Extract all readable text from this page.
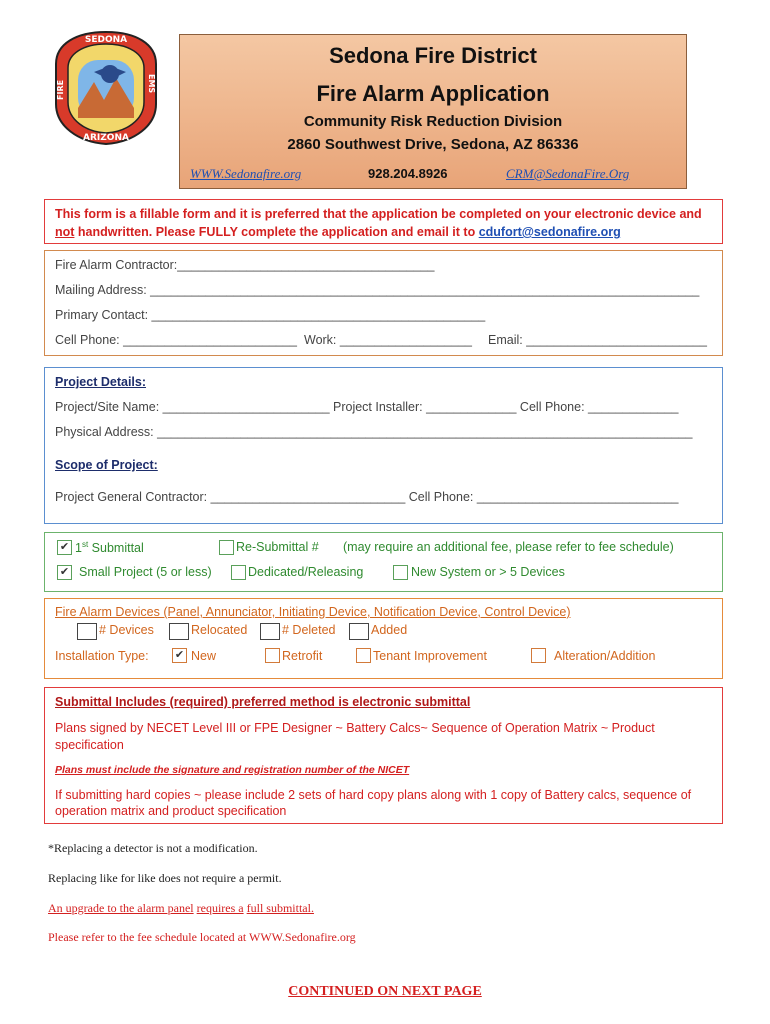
SEDONA
ARIZONA
FIRE	EMS
Sedona Fire District
Fire Alarm Application
Community Risk Reduction Division
2860 Southwest Drive, Sedona, AZ 86336
WWW.Sedonafire.org	928.204.8926	CRM@SedonaFire.Org
This form is a fillable form and it is preferred that the application be completed on your electronic device and not handwritten. Please FULLY complete the application and email it to cdufort@sedonafire.org
Fire Alarm Contractor:_____________________________________
Mailing Address: _______________________________________________________________________________
Primary Contact: ________________________________________________
Cell Phone: _________________________ Work: ___________________ Email: __________________________
Project Details:
Project/Site Name: ________________________ Project Installer: _____________ Cell Phone: _____________
Physical Address: _____________________________________________________________________________
Scope of Project:
Project General Contractor: ____________________________ Cell Phone: _____________________________
✔ 1st Submittal	Re-Submittal # (may require an additional fee, please refer to fee schedule)
✔ Small Project (5 or less)	Dedicated/Releasing	New System or > 5 Devices
Fire Alarm Devices (Panel, Annunciator, Initiating Device, Notification Device, Control Device)
# Devices	Relocated	# Deleted	Added
Installation Type: ✔ New	Retrofit	Tenant Improvement	Alteration/Addition
Submittal Includes (required) preferred method is electronic submittal
Plans signed by NECET Level III or FPE Designer ~ Battery Calcs~ Sequence of Operation Matrix ~ Product
specification
Plans must include the signature and registration number of the NICET
If submitting hard copies ~ please include 2 sets of hard copy plans along with 1 copy of Battery calcs, sequence of
operation matrix and product specification
*Replacing a detector is not a modification.
Replacing like for like does not require a permit.
An upgrade to the alarm panel requires a full submittal.
Please refer to the fee schedule located at WWW.Sedonafire.org
CONTINUED ON NEXT PAGE
